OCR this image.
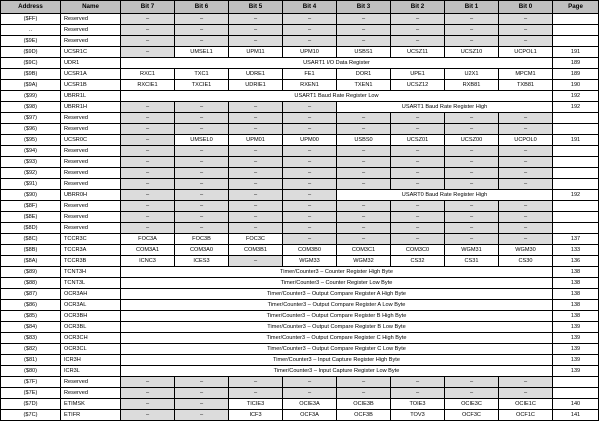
Address	Name	Bit 7	Bit 6	Bit 5	Bit 4	Bit 3	Bit 2	Bit 1	Bit 0	Page
($FF)	Reserved	–	–	–	–	–	–	–	–	
..	Reserved	–	–	–	–	–	–	–	–	
($9E)	Reserved	–	–	–	–	–	–	–	–	
($9D)	UCSR1C	–	UMSEL1	UPM11	UPM10	USBS1	UCSZ11	UCSZ10	UCPOL1	191
($9C)	UDR1	USART1 I/O Data Register								189
($9B)	UCSR1A	RXC1	TXC1	UDRE1	FE1	DOR1	UPE1	U2X1	MPCM1	189
($9A)	UCSR1B	RXCIE1	TXCIE1	UDRIE1	RXEN1	TXEN1	UCSZ12	RXB81	TXB81	190
($99)	UBRR1L	USART1 Baud Rate Register Low								192
($98)	UBRR1H	–	–	–	–	USART1 Baud Rate Register High				192
($97)	Reserved	–	–	–	–	–	–	–	–	
($96)	Reserved	–	–	–	–	–	–	–	–	
($95)	UCSR0C	–	UMSEL0	UPM01	UPM00	USBS0	UCSZ01	UCSZ00	UCPOL0	191
($94)	Reserved	–	–	–	–	–	–	–	–	
($93)	Reserved	–	–	–	–	–	–	–	–	
($92)	Reserved	–	–	–	–	–	–	–	–	
($91)	Reserved	–	–	–	–	–	–	–	–	
($90)	UBRR0H	–	–	–	–	USART0 Baud Rate Register High				192
($8F)	Reserved	–	–	–	–	–	–	–	–	
($8E)	Reserved	–	–	–	–	–	–	–	–	
($8D)	Reserved	–	–	–	–	–	–	–	–	
($8C)	TCCR3C	FOC3A	FOC3B	FOC3C	–	–	–	–	–	137
($8B)	TCCR3A	COM3A1	COM3A0	COM3B1	COM3B0	COM3C1	COM3C0	WGM31	WGM30	133
($8A)	TCCR3B	ICNC3	ICES3	–	WGM33	WGM32	CS32	CS31	CS30	136
($89)	TCNT3H	Timer/Counter3 – Counter Register High Byte								138
($88)	TCNT3L	Timer/Counter3 – Counter Register Low Byte								138
($87)	OCR3AH	Timer/Counter3 – Output Compare Register A High Byte								138
($86)	OCR3AL	Timer/Counter3 – Output Compare Register A Low Byte								138
($85)	OCR3BH	Timer/Counter3 – Output Compare Register B High Byte								138
($84)	OCR3BL	Timer/Counter3 – Output Compare Register B Low Byte								139
($83)	OCR3CH	Timer/Counter3 – Output Compare Register C High Byte								139
($82)	OCR3CL	Timer/Counter3 – Output Compare Register C Low Byte								139
($81)	ICR3H	Timer/Counter3 – Input Capture Register High Byte								139
($80)	ICR3L	Timer/Counter3 – Input Capture Register Low Byte								139
($7F)	Reserved	–	–	–	–	–	–	–	–	
($7E)	Reserved	–	–	–	–	–	–	–	–	
($7D)	ETIMSK	–	–	TICIE3	OCIE3A	OCIE3B	TOIE3	OCIE3C	OCIE1C	140
($7C)	ETIFR	–	–	ICF3	OCF3A	OCF3B	TOV3	OCF3C	OCF1C	141
